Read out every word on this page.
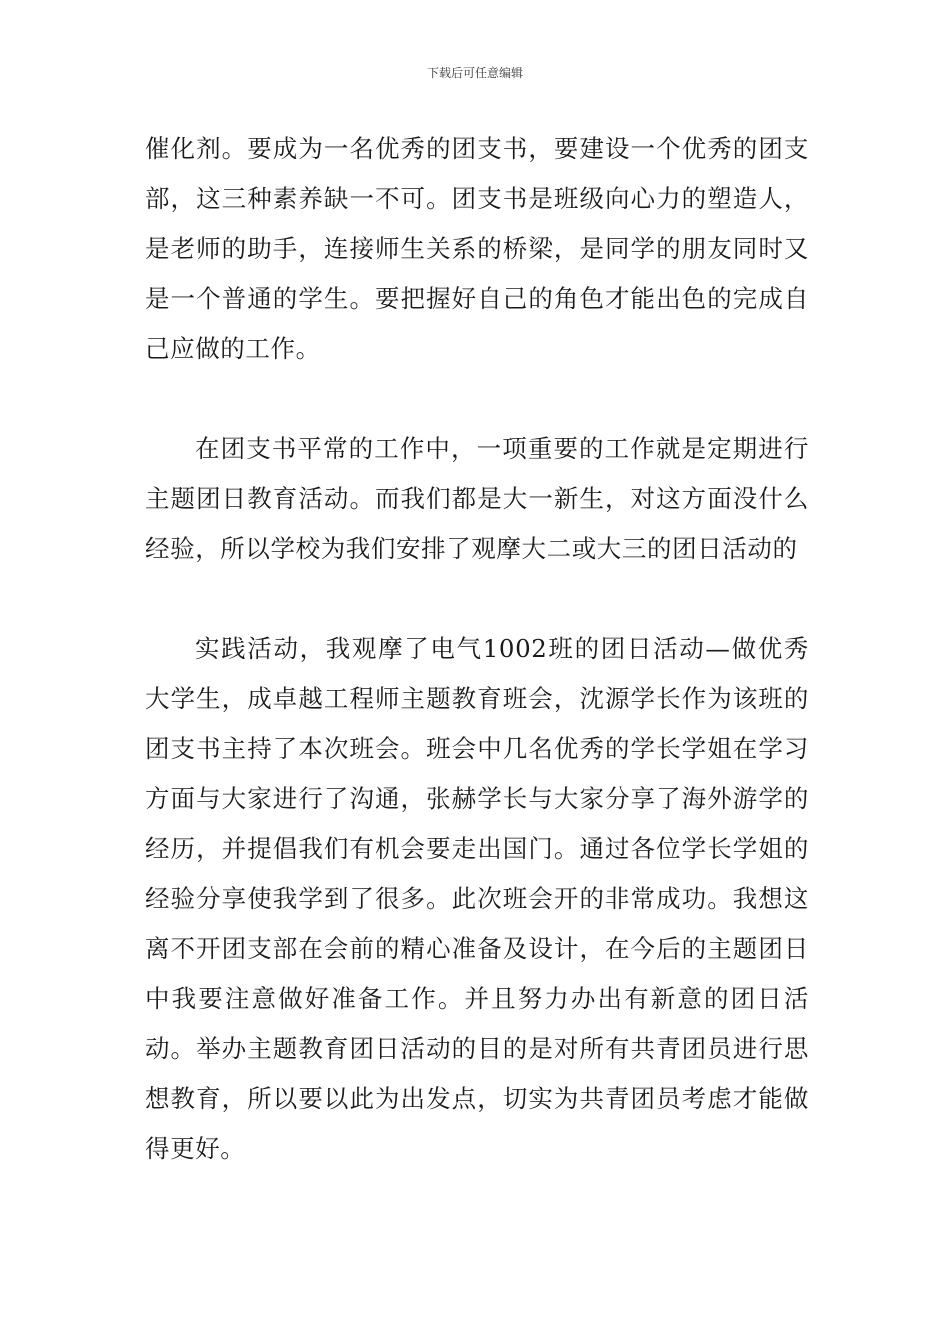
下载后可任意编辑

催化剂。要成为一名优秀的团支书，要建设一个优秀的团支部，这三种素养缺一不可。团支书是班级向心力的塑造人，是老师的助手，连接师生关系的桥梁，是同学的朋友同时又是一个普通的学生。要把握好自己的角色才能出色的完成自己应做的工作。

在团支书平常的工作中，一项重要的工作就是定期进行主题团日教育活动。而我们都是大一新生，对这方面没什么经验，所以学校为我们安排了观摩大二或大三的团日活动的

实践活动，我观摩了电气1002班的团日活动—做优秀大学生，成卓越工程师主题教育班会，沈源学长作为该班的团支书主持了本次班会。班会中几名优秀的学长学姐在学习方面与大家进行了沟通，张赫学长与大家分享了海外游学的经历，并提倡我们有机会要走出国门。通过各位学长学姐的经验分享使我学到了很多。此次班会开的非常成功。我想这离不开团支部在会前的精心准备及设计，在今后的主题团日中我要注意做好准备工作。并且努力办出有新意的团日活动。举办主题教育团日活动的目的是对所有共青团员进行思想教育，所以要以此为出发点，切实为共青团员考虑才能做得更好。
